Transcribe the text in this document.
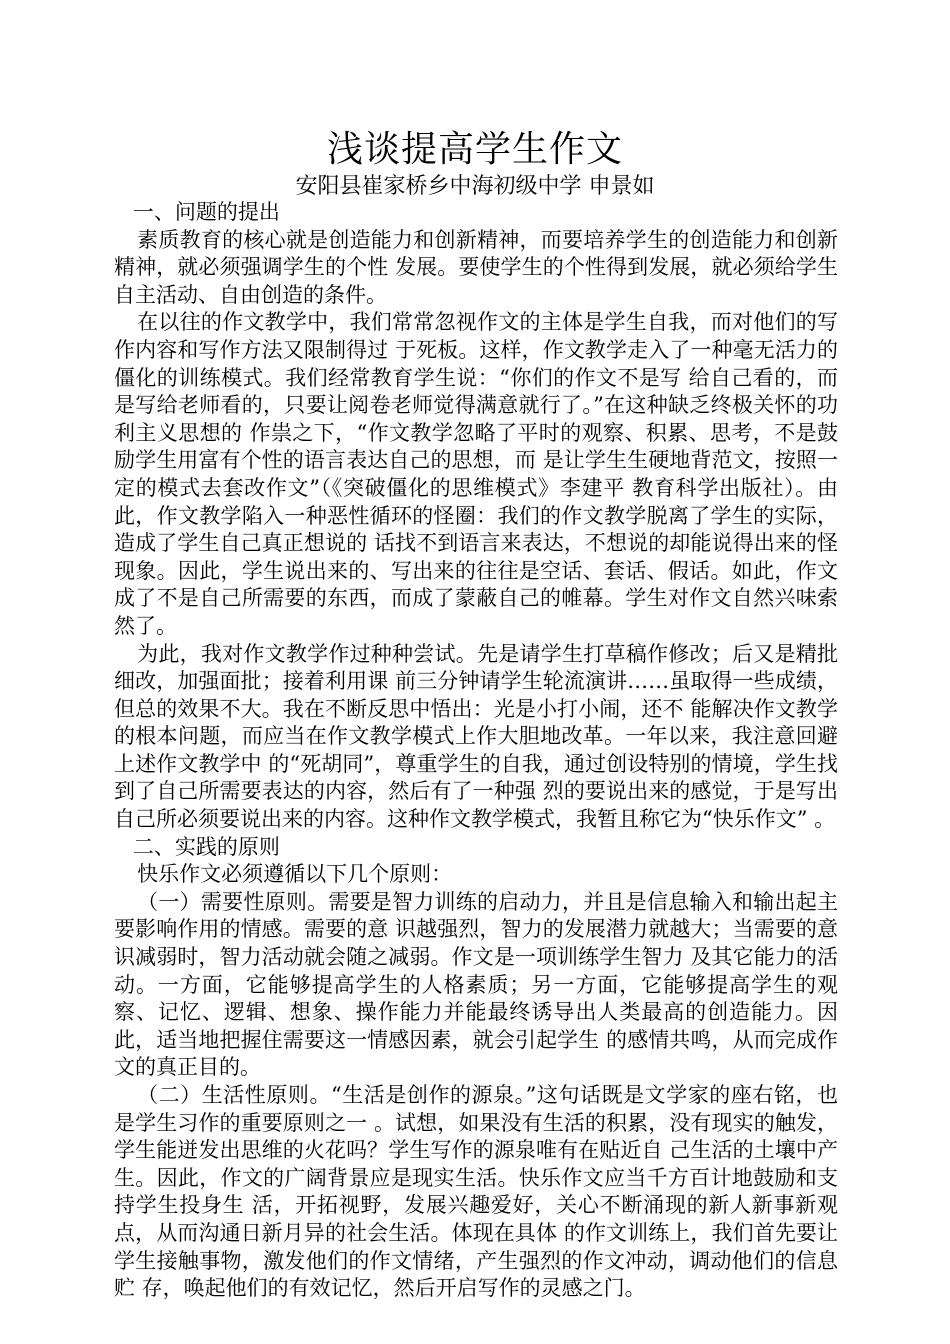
浅谈提高学生作文
安阳县崔家桥乡中海初级中学 申景如

一、问题的提出

素质教育的核心就是创造能力和创新精神，而要培养学生的创造能力和创新精神，就必须强调学生的个性 发展。要使学生的个性得到发展，就必须给学生自主活动、自由创造的条件。

在以往的作文教学中，我们常常忽视作文的主体是学生自我，而对他们的写作内容和写作方法又限制得过 于死板。这样，作文教学走入了一种毫无活力的僵化的训练模式。我们经常教育学生说：“你们的作文不是写 给自己看的，而是写给老师看的，只要让阅卷老师觉得满意就行了。”在这种缺乏终极关怀的功利主义思想的 作祟之下，“作文教学忽略了平时的观察、积累、思考，不是鼓励学生用富有个性的语言表达自己的思想，而 是让学生生硬地背范文，按照一定的模式去套改作文”（《突破僵化的思维模式》李建平 教育科学出版社）。由此，作文教学陷入一种恶性循环的怪圈：我们的作文教学脱离了学生的实际，造成了学生自己真正想说的 话找不到语言来表达，不想说的却能说得出来的怪现象。因此，学生说出来的、写出来的往往是空话、套话、假话。如此，作文成了不是自己所需要的东西，而成了蒙蔽自己的帷幕。学生对作文自然兴味索然了。

为此，我对作文教学作过种种尝试。先是请学生打草稿作修改；后又是精批细改，加强面批；接着利用课 前三分钟请学生轮流演讲……虽取得一些成绩，但总的效果不大。我在不断反思中悟出：光是小打小闹，还不 能解决作文教学的根本问题，而应当在作文教学模式上作大胆地改革。一年以来，我注意回避上述作文教学中 的“死胡同”，尊重学生的自我，通过创设特别的情境，学生找到了自己所需要表达的内容，然后有了一种强 烈的要说出来的感觉，于是写出自己所必须要说出来的内容。这种作文教学模式，我暂且称它为“快乐作文” 。

二、实践的原则

快乐作文必须遵循以下几个原则：

（一）需要性原则。需要是智力训练的启动力，并且是信息输入和输出起主要影响作用的情感。需要的意 识越强烈，智力的发展潜力就越大；当需要的意识减弱时，智力活动就会随之减弱。作文是一项训练学生智力 及其它能力的活动。一方面，它能够提高学生的人格素质；另一方面，它能够提高学生的观察、记忆、逻辑、想象、操作能力并能最终诱导出人类最高的创造能力。因此，适当地把握住需要这一情感因素，就会引起学生 的感情共鸣，从而完成作文的真正目的。

（二）生活性原则。“生活是创作的源泉。”这句话既是文学家的座右铭，也是学生习作的重要原则之一 。试想，如果没有生活的积累，没有现实的触发，学生能迸发出思维的火花吗？学生写作的源泉唯有在贴近自 己生活的土壤中产生。因此，作文的广阔背景应是现实生活。快乐作文应当千方百计地鼓励和支持学生投身生 活，开拓视野，发展兴趣爱好，关心不断涌现的新人新事新观点，从而沟通日新月异的社会生活。体现在具体 的作文训练上，我们首先要让学生接触事物，激发他们的作文情绪，产生强烈的作文冲动，调动他们的信息贮 存，唤起他们的有效记忆，然后开启写作的灵感之门。
